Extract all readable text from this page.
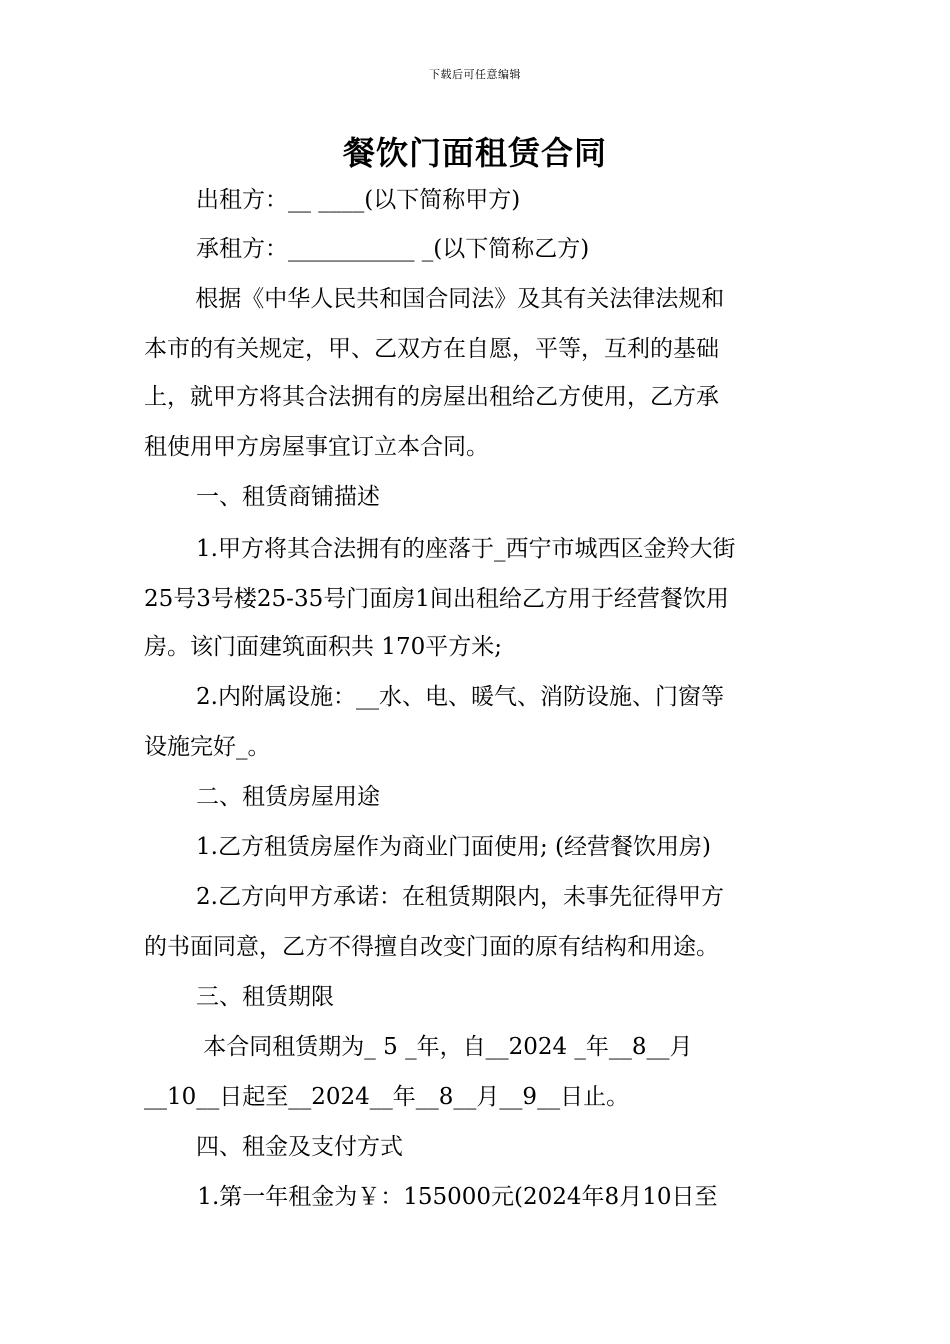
下载后可任意编辑
餐饮门面租赁合同
出租方：__ ____(以下简称甲方)
承租方：___________ _(以下简称乙方)
根据《中华人民共和国合同法》及其有关法律法规和
本市的有关规定，甲、乙双方在自愿，平等，互利的基础
上，就甲方将其合法拥有的房屋出租给乙方使用，乙方承
租使用甲方房屋事宜订立本合同。
一、租赁商铺描述
1.甲方将其合法拥有的座落于_西宁市城西区金羚大街
25号3号楼25-35号门面房1间出租给乙方用于经营餐饮用
房。该门面建筑面积共 170平方米;
2.内附属设施：__水、电、暖气、消防设施、门窗等
设施完好_。
二、租赁房屋用途
1.乙方租赁房屋作为商业门面使用; (经营餐饮用房)
2.乙方向甲方承诺：在租赁期限内，未事先征得甲方
的书面同意，乙方不得擅自改变门面的原有结构和用途。
三、租赁期限
本合同租赁期为_ 5 _年，自__2024 _年__8__月
__10__日起至__2024__年__8__月__9__日止。
四、租金及支付方式
1.第一年租金为￥：155000元(2024年8月10日至
